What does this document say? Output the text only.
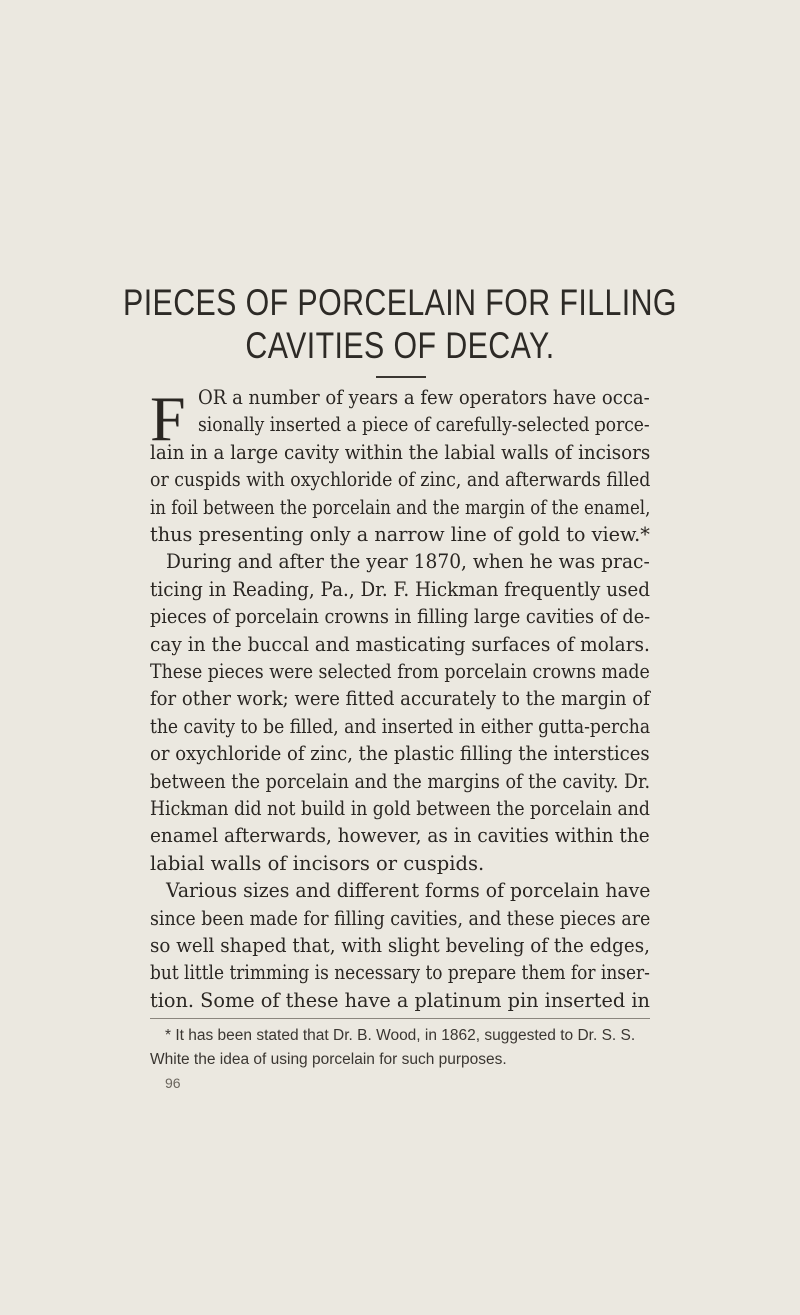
PIECES OF PORCELAIN FOR FILLING
CAVITIES OF DECAY.
F OR a number of years a few operators have occa-
sionally inserted a piece of carefully-selected porce-
lain in a large cavity within the labial walls of incisors
or cuspids with oxychloride of zinc, and afterwards filled
in foil between the porcelain and the margin of the enamel,
thus presenting only a narrow line of gold to view.*
During and after the year 1870, when he was prac-
ticing in Reading, Pa., Dr. F. Hickman frequently used
pieces of porcelain crowns in filling large cavities of de-
cay in the buccal and masticating surfaces of molars.
These pieces were selected from porcelain crowns made
for other work; were fitted accurately to the margin of
the cavity to be filled, and inserted in either gutta-percha
or oxychloride of zinc, the plastic filling the interstices
between the porcelain and the margins of the cavity. Dr.
Hickman did not build in gold between the porcelain and
enamel afterwards, however, as in cavities within the
labial walls of incisors or cuspids.
Various sizes and different forms of porcelain have
since been made for filling cavities, and these pieces are
so well shaped that, with slight beveling of the edges,
but little trimming is necessary to prepare them for inser-
tion. Some of these have a platinum pin inserted in
* It has been stated that Dr. B. Wood, in 1862, suggested to Dr. S. S.
White the idea of using porcelain for such purposes.
96
